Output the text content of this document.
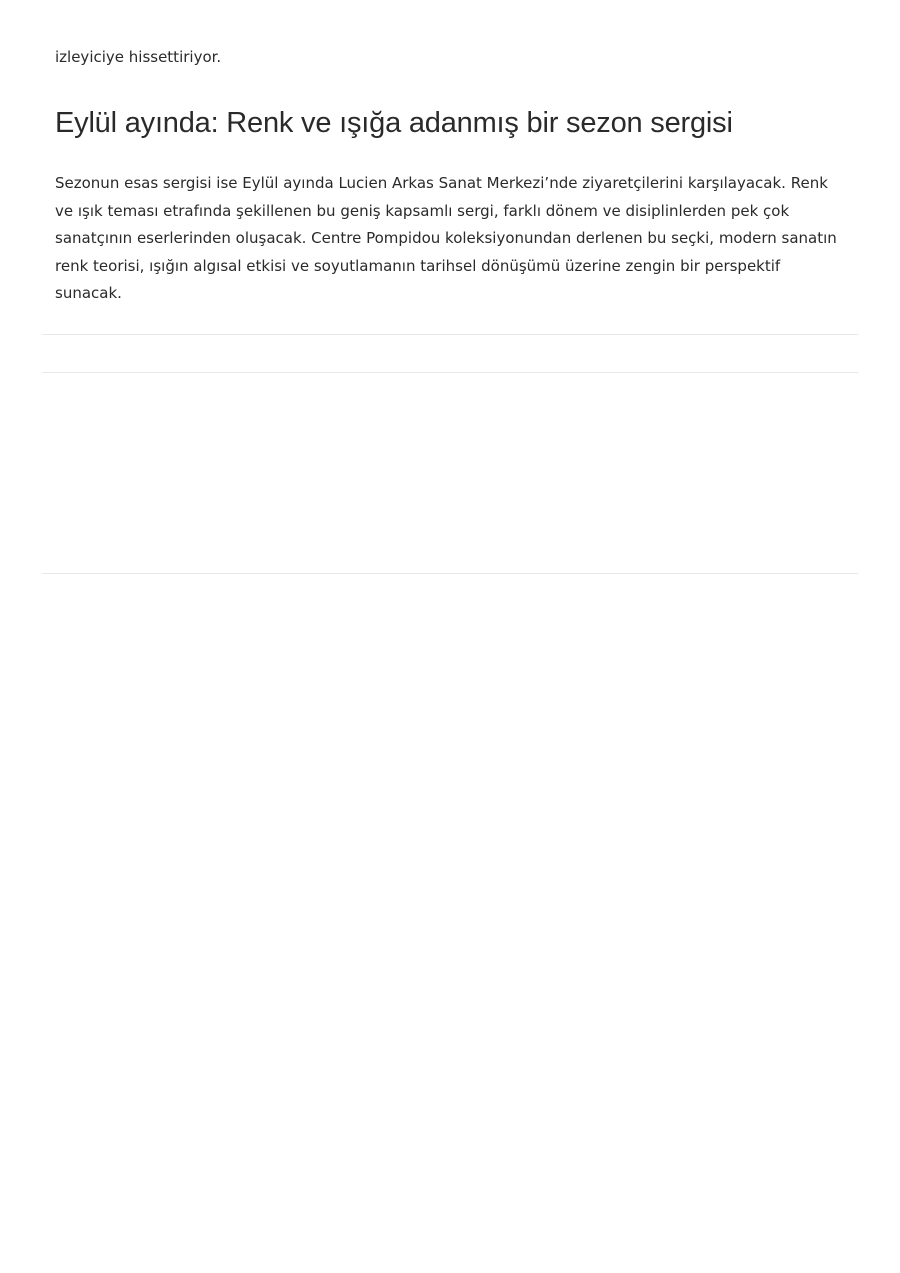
izleyiciye hissettiriyor.

Eylül ayında: Renk ve ışığa adanmış bir sezon sergisi

Sezonun esas sergisi ise Eylül ayında Lucien Arkas Sanat Merkezi’nde ziyaretçilerini karşılayacak. Renk ve ışık teması etrafında şekillenen bu geniş kapsamlı sergi, farklı dönem ve disiplinlerden pek çok sanatçının eserlerinden oluşacak. Centre Pompidou koleksiyonundan derlenen bu seçki, modern sanatın renk teorisi, ışığın algısal etkisi ve soyutlamanın tarihsel dönüşümü üzerine zengin bir perspektif sunacak.
